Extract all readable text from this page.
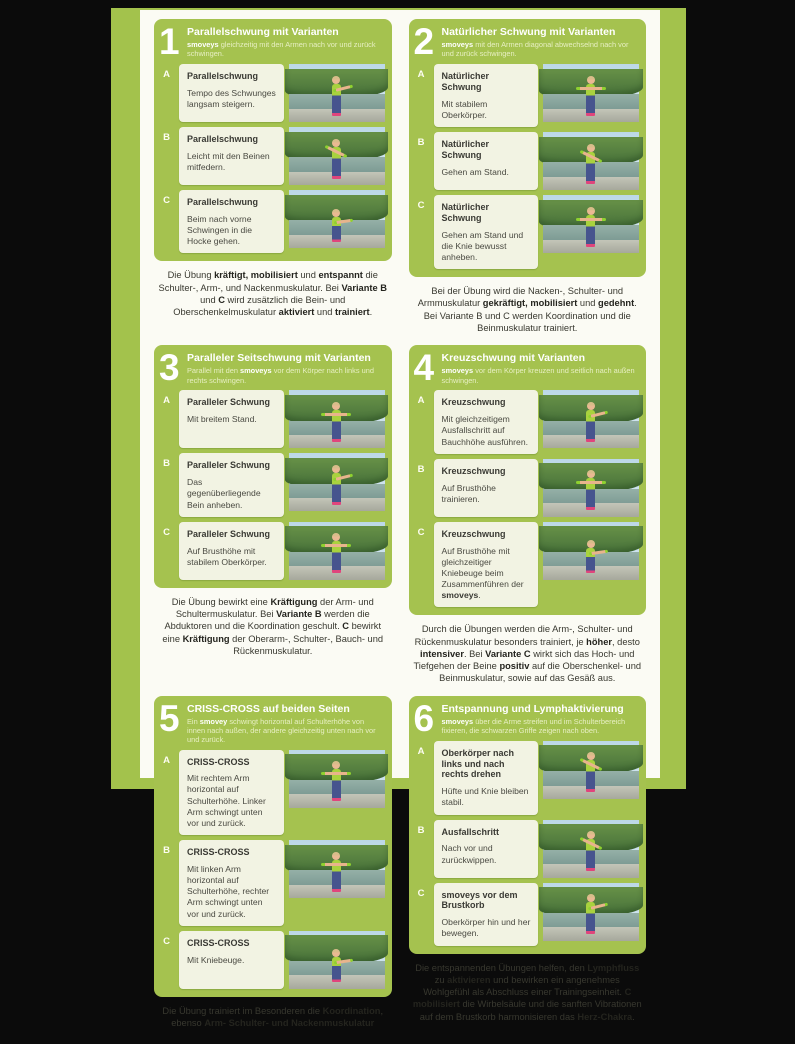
1 Parallelschwung mit Varianten
smoveys gleichzeitig mit den Armen nach vor und zurück schwingen.
A	Parallelschwung
Tempo des Schwunges langsam steigern.
B	Parallelschwung
Leicht mit den Beinen mitfedern.
C	Parallelschwung
Beim nach vorne Schwingen in die Hocke gehen.
Die Übung kräftigt, mobilisiert und entspannt die Schulter-, Arm-, und Nackenmuskulatur. Bei Variante B und C wird zusätzlich die Bein- und Oberschenkelmuskulatur aktiviert und trainiert.
2 Natürlicher Schwung mit Varianten
smoveys mit den Armen diagonal abwechselnd nach vor und zurück schwingen.
A	Natürlicher Schwung
Mit stabilem Oberkörper.
B	Natürlicher Schwung
Gehen am Stand.
C	Natürlicher Schwung
Gehen am Stand und die Knie bewusst anheben.
Bei der Übung wird die Nacken-, Schulter- und Armmuskulatur gekräftigt, mobilisiert und gedehnt. Bei Variante B und C werden Koordination und die Beinmuskulatur trainiert.
3 Paralleler Seitschwung mit Varianten
Parallel mit den smoveys vor dem Körper nach links und rechts schwingen.
A	Paralleler Schwung
Mit breitem Stand.
B	Paralleler Schwung
Das gegenüberliegende Bein anheben.
C	Paralleler Schwung
Auf Brusthöhe mit stabilem Oberkörper.
Die Übung bewirkt eine Kräftigung der Arm- und Schultermuskulatur. Bei Variante B werden die Abduktoren und die Koordination geschult. C bewirkt eine Kräftigung der Oberarm-, Schulter-, Bauch- und Rückenmuskulatur.
4 Kreuzschwung mit Varianten
smoveys vor dem Körper kreuzen und seitlich nach außen schwingen.
A	Kreuzschwung
Mit gleichzeitigem Ausfallschritt auf Bauchhöhe ausführen.
B	Kreuzschwung
Auf Brusthöhe trainieren.
C	Kreuzschwung
Auf Brusthöhe mit gleichzeitiger Kniebeuge beim Zusammenführen der smoveys.
Durch die Übungen werden die Arm-, Schulter- und Rückenmuskulatur besonders trainiert, je höher, desto intensiver. Bei Variante C wirkt sich das Hoch- und Tiefgehen der Beine positiv auf die Oberschenkel- und Beinmuskulatur, sowie auf das Gesäß aus.
5 CRISS-CROSS auf beiden Seiten
Ein smovey schwingt horizontal auf Schulterhöhe von innen nach außen, der andere gleichzeitig unten nach vor und zurück.
A	CRISS-CROSS
Mit rechtem Arm horizontal auf Schulterhöhe. Linker Arm schwingt unten vor und zurück.
B	CRISS-CROSS
Mit linken Arm horizontal auf Schulterhöhe, rechter Arm schwingt unten vor und zurück.
C	CRISS-CROSS
Mit Kniebeuge.
Die Übung trainiert im Besonderen die Koordination, ebenso Arm- Schulter- und Nackenmuskulatur
6 Entspannung und Lymphaktivierung
smoveys über die Arme streifen und im Schulterbereich fixieren, die schwarzen Griffe zeigen nach oben.
A	Oberkörper nach links und nach rechts drehen
Hüfte und Knie bleiben stabil.
B	Ausfallschritt
Nach vor und zurückwippen.
C	smoveys vor dem Brustkorb
Oberkörper hin und her bewegen.
Die entspannenden Übungen helfen, den Lymphfluss zu aktivieren und bewirken ein angenehmes Wohlgefühl als Abschluss einer Trainingseinheit. C mobilisiert die Wirbelsäule und die sanften Vibrationen auf dem Brustkorb harmonisieren das Herz-Chakra.
